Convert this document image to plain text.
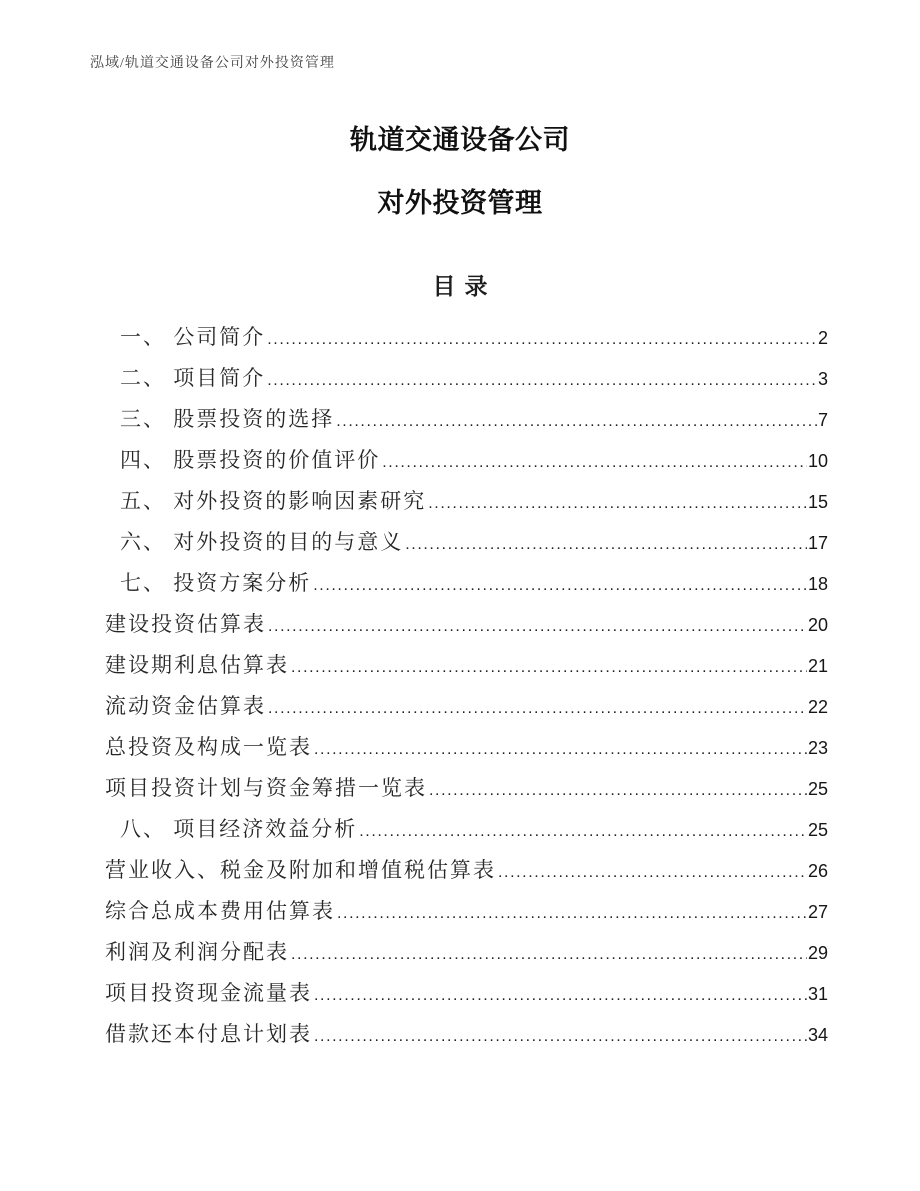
泓域/轨道交通设备公司对外投资管理
轨道交通设备公司
对外投资管理
目录
一、 公司简介 .....	2
二、 项目简介 .....	3
三、 股票投资的选择 .....	7
四、 股票投资的价值评价 .....	10
五、 对外投资的影响因素研究 .....	15
六、 对外投资的目的与意义 .....	17
七、 投资方案分析 .....	18
建设投资估算表 .....	20
建设期利息估算表 .....	21
流动资金估算表 .....	22
总投资及构成一览表 .....	23
项目投资计划与资金筹措一览表 .....	25
八、 项目经济效益分析 .....	25
营业收入、税金及附加和增值税估算表 .....	26
综合总成本费用估算表 .....	27
利润及利润分配表 .....	29
项目投资现金流量表 .....	31
借款还本付息计划表 .....	34
